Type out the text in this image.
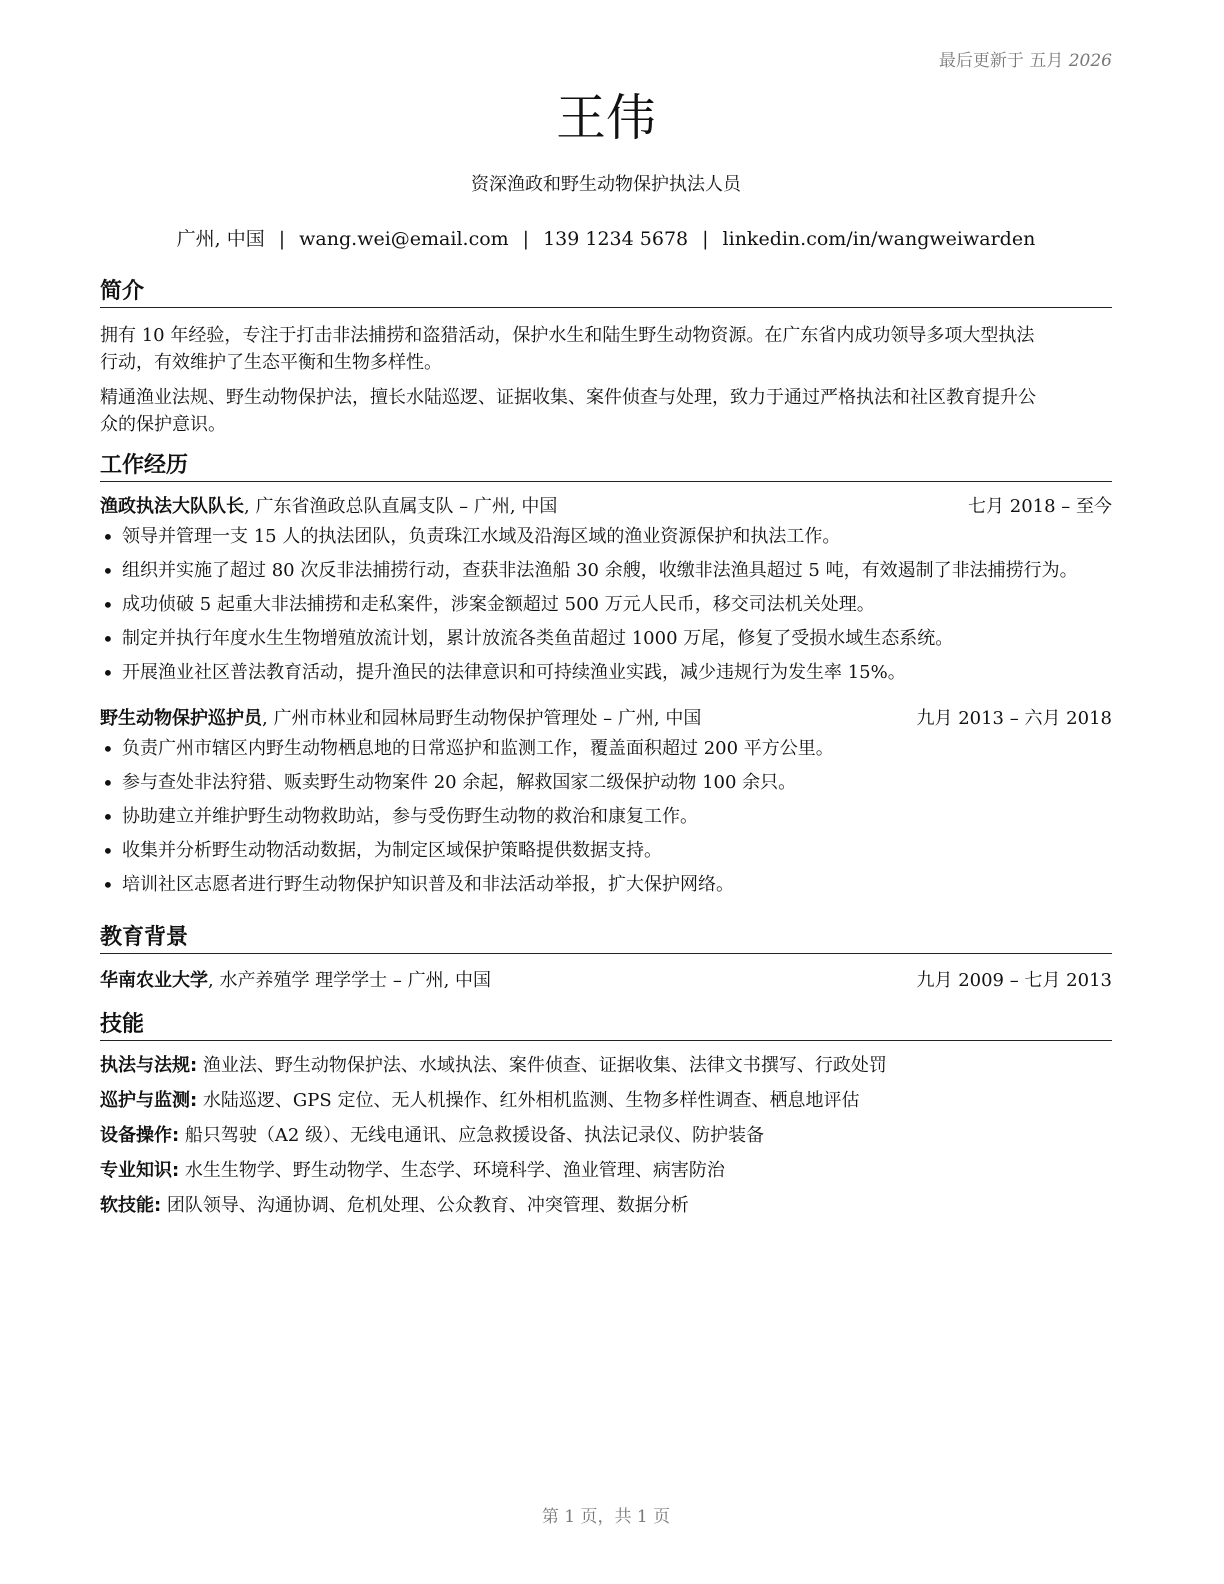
最后更新于 五月 2026
王伟
资深渔政和野生动物保护执法人员
广州, 中国 | wang.wei@email.com | 139 1234 5678 | linkedin.com/in/wangweiwarden
简介

拥有 10 年经验，专注于打击非法捕捞和盗猎活动，保护水生和陆生野生动物资源。在广东省内成功领导多项大型执法

行动，有效维护了生态平衡和生物多样性。

精通渔业法规、野生动物保护法，擅长水陆巡逻、证据收集、案件侦查与处理，致力于通过严格执法和社区教育提升公

众的保护意识。

工作经历
渔政执法大队队长, 广东省渔政总队直属支队 – 广州, 中国	七月 2018 – 至今
• 领导并管理一支 15 人的执法团队，负责珠江水域及沿海区域的渔业资源保护和执法工作。
• 组织并实施了超过 80 次反非法捕捞行动，查获非法渔船 30 余艘，收缴非法渔具超过 5 吨，有效遏制了非法捕捞行为。
• 成功侦破 5 起重大非法捕捞和走私案件，涉案金额超过 500 万元人民币，移交司法机关处理。
• 制定并执行年度水生生物增殖放流计划，累计放流各类鱼苗超过 1000 万尾，修复了受损水域生态系统。
• 开展渔业社区普法教育活动，提升渔民的法律意识和可持续渔业实践，减少违规行为发生率 15%。
野生动物保护巡护员, 广州市林业和园林局野生动物保护管理处 – 广州, 中国	九月 2013 – 六月 2018
• 负责广州市辖区内野生动物栖息地的日常巡护和监测工作，覆盖面积超过 200 平方公里。
• 参与查处非法狩猎、贩卖野生动物案件 20 余起，解救国家二级保护动物 100 余只。
• 协助建立并维护野生动物救助站，参与受伤野生动物的救治和康复工作。
• 收集并分析野生动物活动数据，为制定区域保护策略提供数据支持。
• 培训社区志愿者进行野生动物保护知识普及和非法活动举报，扩大保护网络。
教育背景
华南农业大学, 水产养殖学 理学学士 – 广州, 中国	九月 2009 – 七月 2013
技能
执法与法规: 渔业法、野生动物保护法、水域执法、案件侦查、证据收集、法律文书撰写、行政处罚
巡护与监测: 水陆巡逻、GPS 定位、无人机操作、红外相机监测、生物多样性调查、栖息地评估
设备操作: 船只驾驶（A2 级）、无线电通讯、应急救援设备、执法记录仪、防护装备
专业知识: 水生生物学、野生动物学、生态学、环境科学、渔业管理、病害防治
软技能: 团队领导、沟通协调、危机处理、公众教育、冲突管理、数据分析
第 1 页，共 1 页
